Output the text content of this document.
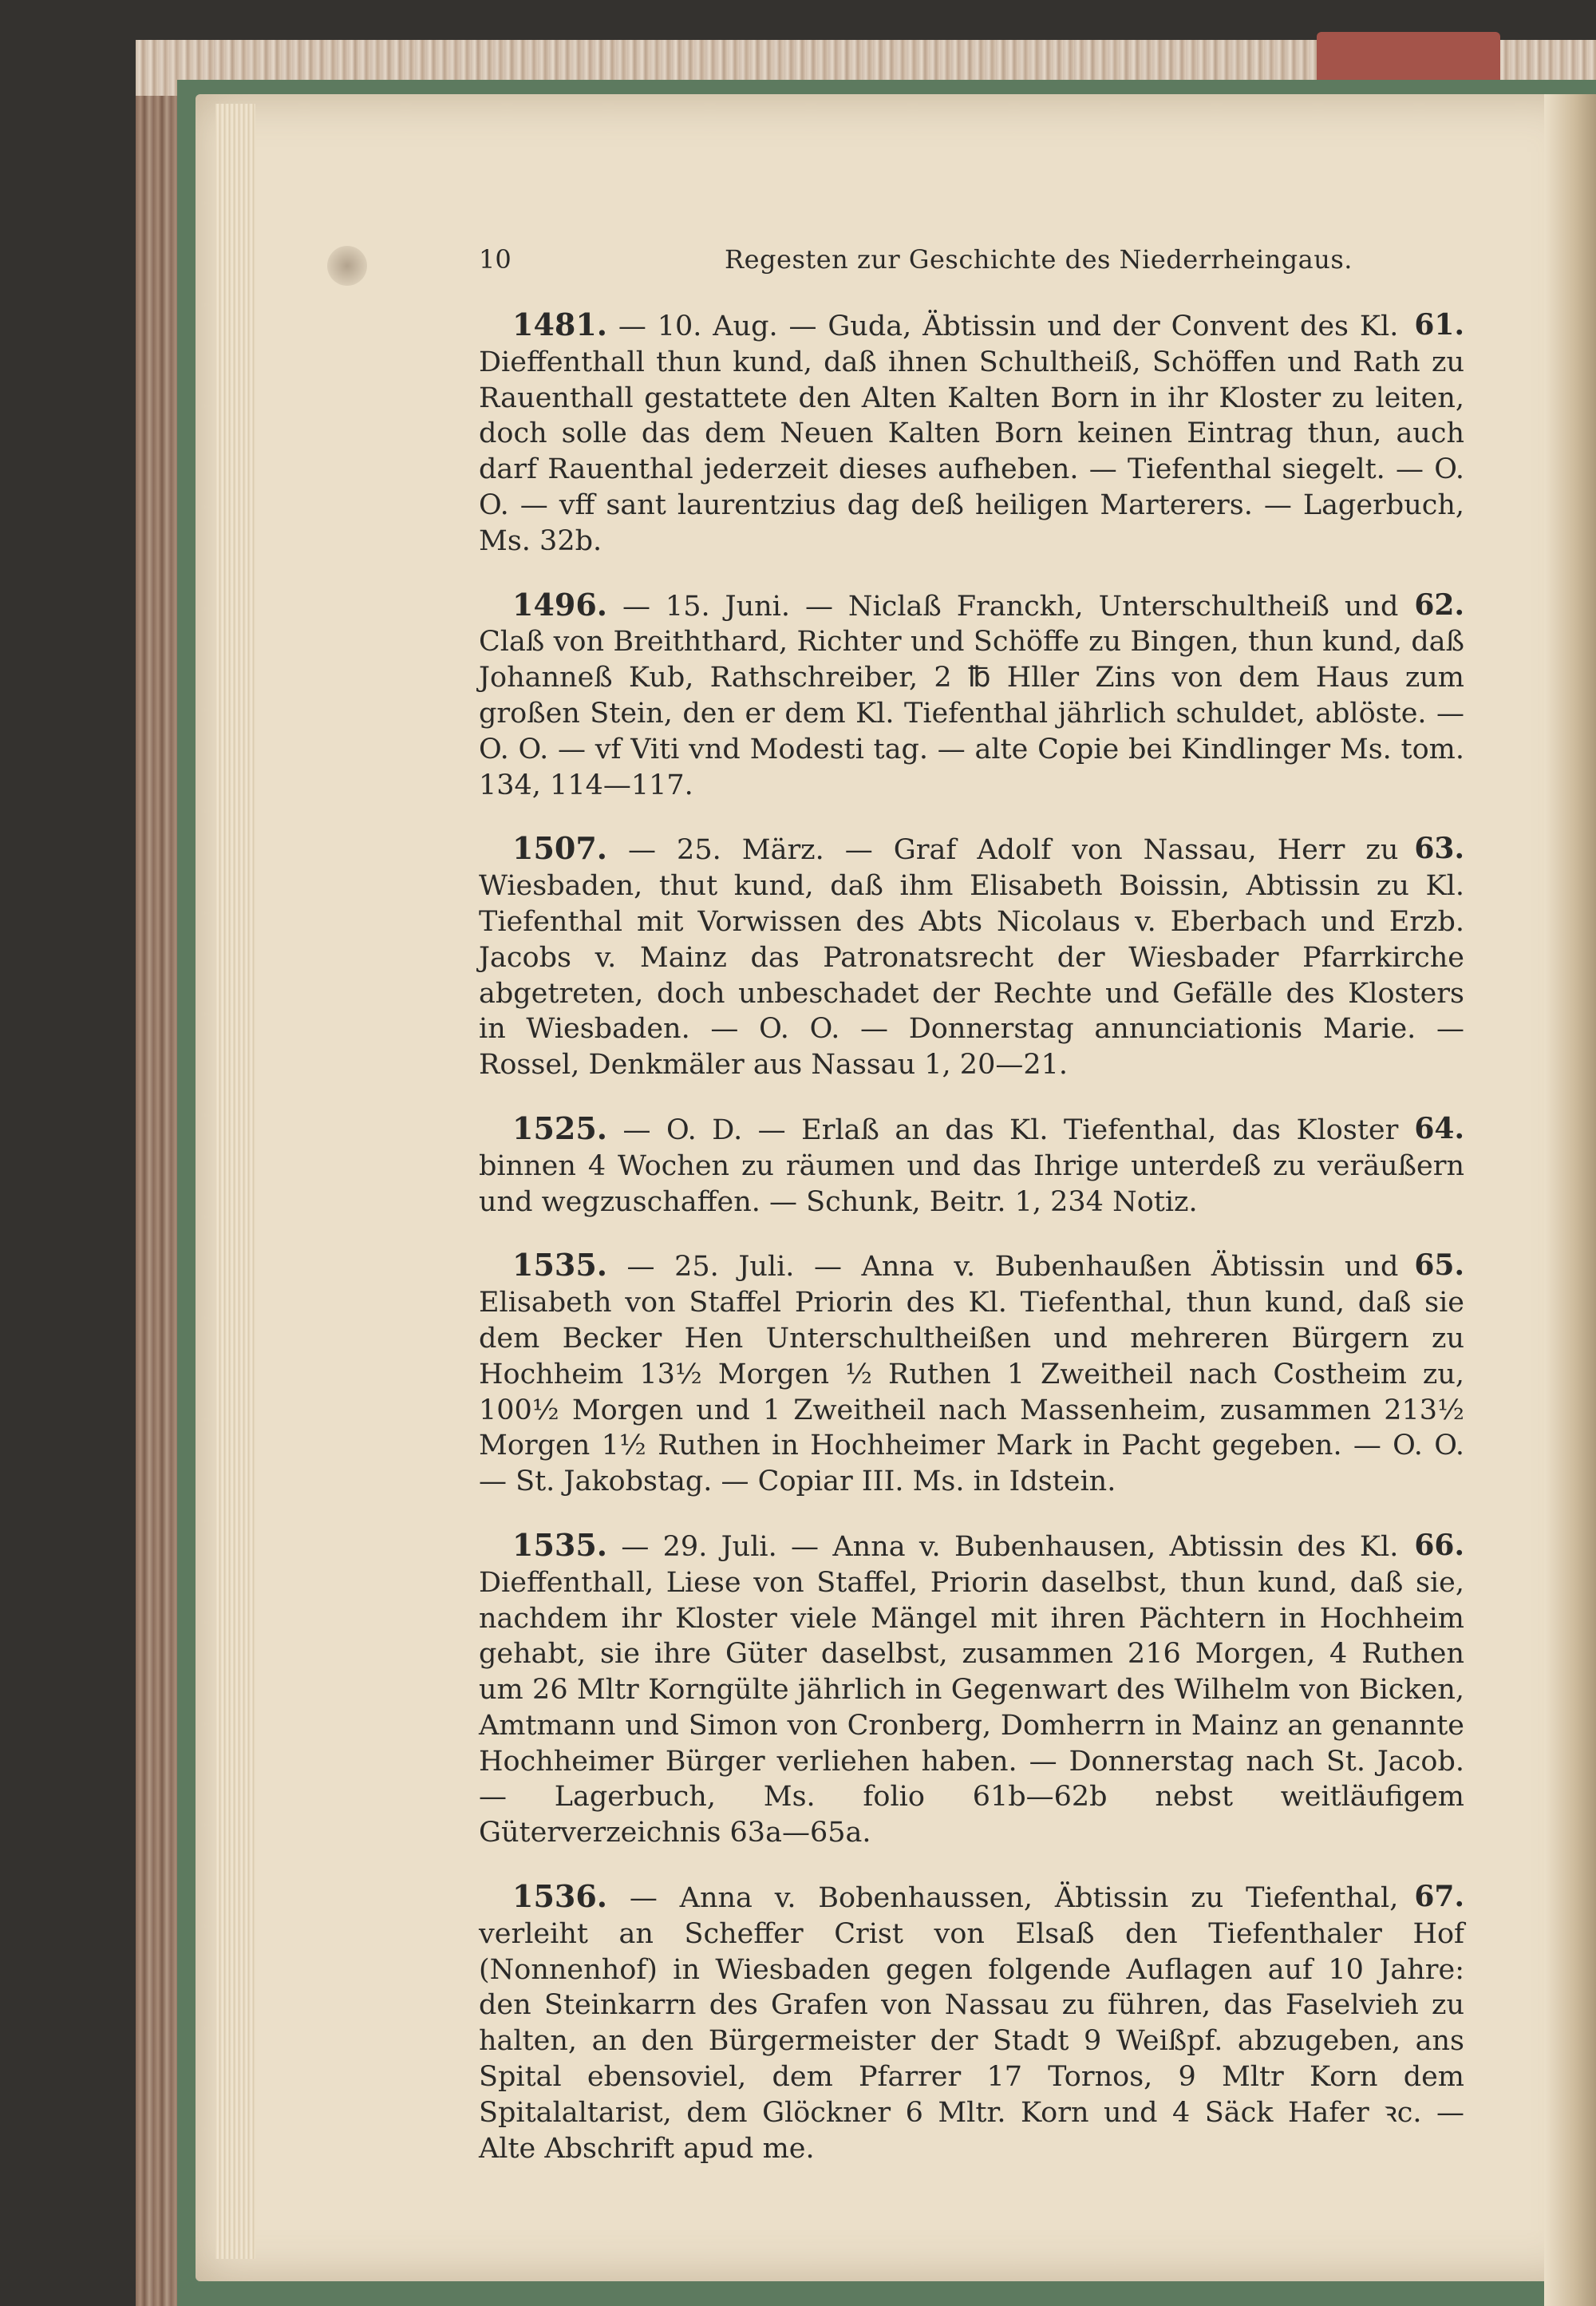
10	Regesten zur Geschichte des Niederrheingaus.

61.
1481. — 10. Aug. — Guda, Äbtissin und der Convent des Kl. Dieffenthall thun kund, daß ihnen Schultheiß, Schöffen und Rath zu Rauenthall gestattete den Alten Kalten Born in ihr Kloster zu leiten, doch solle das dem Neuen Kalten Born keinen Eintrag thun, auch darf Rauenthal jederzeit dieses aufheben. — Tiefenthal siegelt. — O. O. — vff sant laurentzius dag deß heiligen Marterers. — Lagerbuch, Ms. 32b.

62.
1496. — 15. Juni. — Niclaß Franckh, Unterschultheiß und Claß von Breiththard, Richter und Schöffe zu Bingen, thun kund, daß Johanneß Kub, Rathschreiber, 2 ℔ Hller Zins von dem Haus zum großen Stein, den er dem Kl. Tiefenthal jährlich schuldet, ablöste. — O. O. — vf Viti vnd Modesti tag. — alte Copie bei Kindlinger Ms. tom. 134, 114—117.

63.
1507. — 25. März. — Graf Adolf von Nassau, Herr zu Wiesbaden, thut kund, daß ihm Elisabeth Boissin, Abtissin zu Kl. Tiefenthal mit Vorwissen des Abts Nicolaus v. Eberbach und Erzb. Jacobs v. Mainz das Patronatsrecht der Wiesbader Pfarrkirche abgetreten, doch unbeschadet der Rechte und Gefälle des Klosters in Wiesbaden. — O. O. — Donnerstag annunciationis Marie. — Rossel, Denkmäler aus Nassau 1, 20—21.

64.
1525. — O. D. — Erlaß an das Kl. Tiefenthal, das Kloster binnen 4 Wochen zu räumen und das Ihrige unterdeß zu veräußern und wegzuschaffen. — Schunk, Beitr. 1, 234 Notiz.

65.
1535. — 25. Juli. — Anna v. Bubenhaußen Äbtissin und Elisabeth von Staffel Priorin des Kl. Tiefenthal, thun kund, daß sie dem Becker Hen Unterschultheißen und mehreren Bürgern zu Hochheim 13½ Morgen ½ Ruthen 1 Zweitheil nach Costheim zu, 100½ Morgen und 1 Zweitheil nach Massenheim, zusammen 213½ Morgen 1½ Ruthen in Hochheimer Mark in Pacht gegeben. — O. O. — St. Jakobstag. — Copiar III. Ms. in Idstein.

66.
1535. — 29. Juli. — Anna v. Bubenhausen, Abtissin des Kl. Dieffenthall, Liese von Staffel, Priorin daselbst, thun kund, daß sie, nachdem ihr Kloster viele Mängel mit ihren Pächtern in Hochheim gehabt, sie ihre Güter daselbst, zusammen 216 Morgen, 4 Ruthen um 26 Mltr Korngülte jährlich in Gegenwart des Wilhelm von Bicken, Amtmann und Simon von Cronberg, Domherrn in Mainz an genannte Hochheimer Bürger verliehen haben. — Donnerstag nach St. Jacob. — Lagerbuch, Ms. folio 61b—62b nebst weitläufigem Güterverzeichnis 63a—65a.

67.
1536. — Anna v. Bobenhaussen, Äbtissin zu Tiefenthal, verleiht an Scheffer Crist von Elsaß den Tiefenthaler Hof (Nonnenhof) in Wiesbaden gegen folgende Auflagen auf 10 Jahre: den Steinkarrn des Grafen von Nassau zu führen, das Faselvieh zu halten, an den Bürgermeister der Stadt 9 Weißpf. abzugeben, ans Spital ebensoviel, dem Pfarrer 17 Tornos, 9 Mltr Korn dem Spitalaltarist, dem Glöckner 6 Mltr. Korn und 4 Säck Hafer ꝛc. — Alte Abschrift apud me.
